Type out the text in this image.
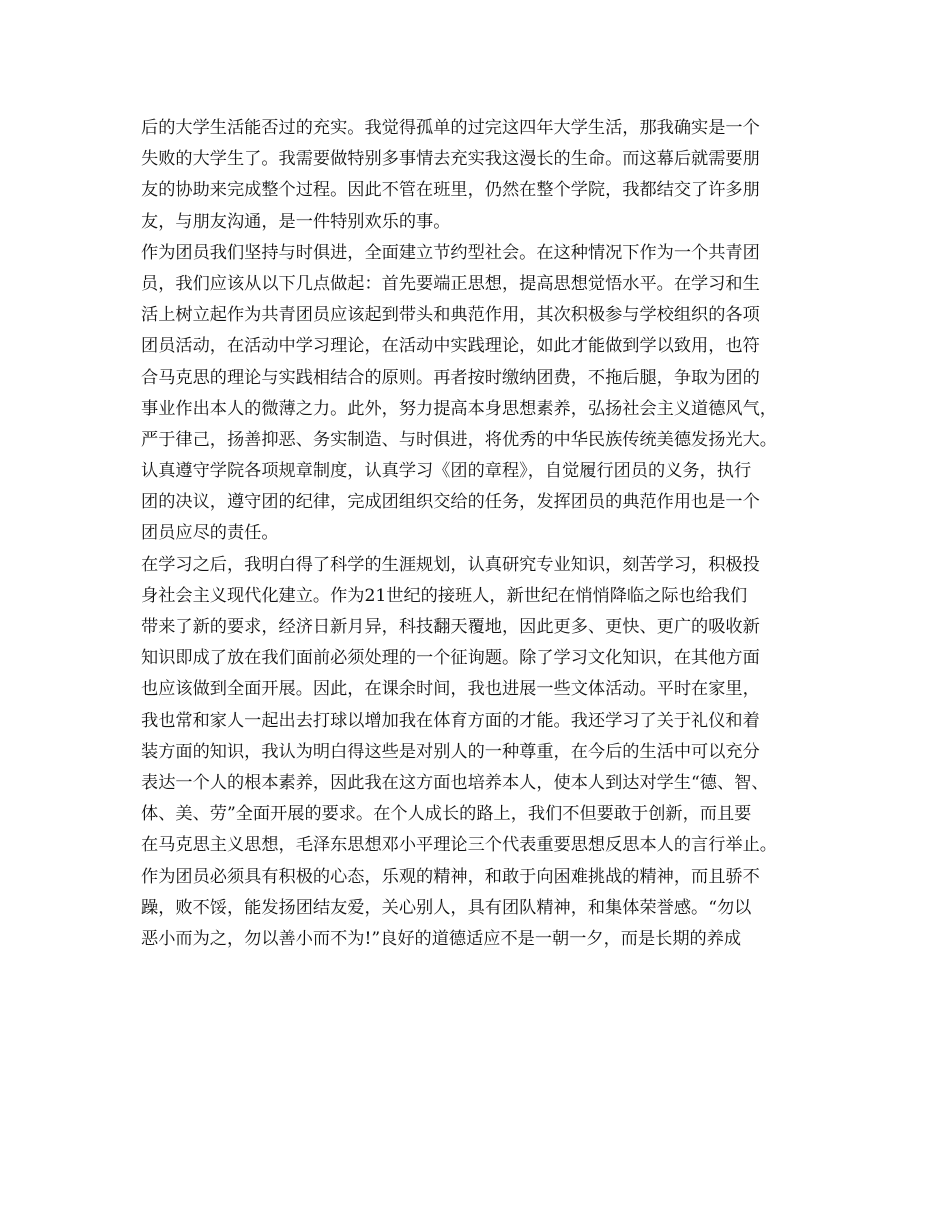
后的大学生活能否过的充实。我觉得孤单的过完这四年大学生活，那我确实是一个

失败的大学生了。我需要做特别多事情去充实我这漫长的生命。而这幕后就需要朋

友的协助来完成整个过程。因此不管在班里，仍然在整个学院，我都结交了许多朋

友，与朋友沟通，是一件特别欢乐的事。

作为团员我们坚持与时俱进，全面建立节约型社会。在这种情况下作为一个共青团

员，我们应该从以下几点做起：首先要端正思想，提高思想觉悟水平。在学习和生

活上树立起作为共青团员应该起到带头和典范作用，其次积极参与学校组织的各项

团员活动，在活动中学习理论，在活动中实践理论，如此才能做到学以致用，也符

合马克思的理论与实践相结合的原则。再者按时缴纳团费，不拖后腿，争取为团的

事业作出本人的微薄之力。此外，努力提高本身思想素养，弘扬社会主义道德风气，

严于律己，扬善抑恶、务实制造、与时俱进，将优秀的中华民族传统美德发扬光大。

认真遵守学院各项规章制度，认真学习《团的章程》，自觉履行团员的义务，执行

团的决议，遵守团的纪律，完成团组织交给的任务，发挥团员的典范作用也是一个

团员应尽的责任。

在学习之后，我明白得了科学的生涯规划，认真研究专业知识，刻苦学习，积极投

身社会主义现代化建立。作为21世纪的接班人，新世纪在悄悄降临之际也给我们

带来了新的要求，经济日新月异，科技翻天覆地，因此更多、更快、更广的吸收新

知识即成了放在我们面前必须处理的一个征询题。除了学习文化知识，在其他方面

也应该做到全面开展。因此，在课余时间，我也进展一些文体活动。平时在家里，

我也常和家人一起出去打球以增加我在体育方面的才能。我还学习了关于礼仪和着

装方面的知识，我认为明白得这些是对别人的一种尊重，在今后的生活中可以充分

表达一个人的根本素养，因此我在这方面也培养本人，使本人到达对学生“德、智、

体、美、劳”全面开展的要求。在个人成长的路上，我们不但要敢于创新，而且要

在马克思主义思想，毛泽东思想邓小平理论三个代表重要思想反思本人的言行举止。

作为团员必须具有积极的心态，乐观的精神，和敢于向困难挑战的精神，而且骄不

躁，败不馁，能发扬团结友爱，关心别人，具有团队精神，和集体荣誉感。“勿以

恶小而为之，勿以善小而不为!”良好的道德适应不是一朝一夕，而是长期的养成
